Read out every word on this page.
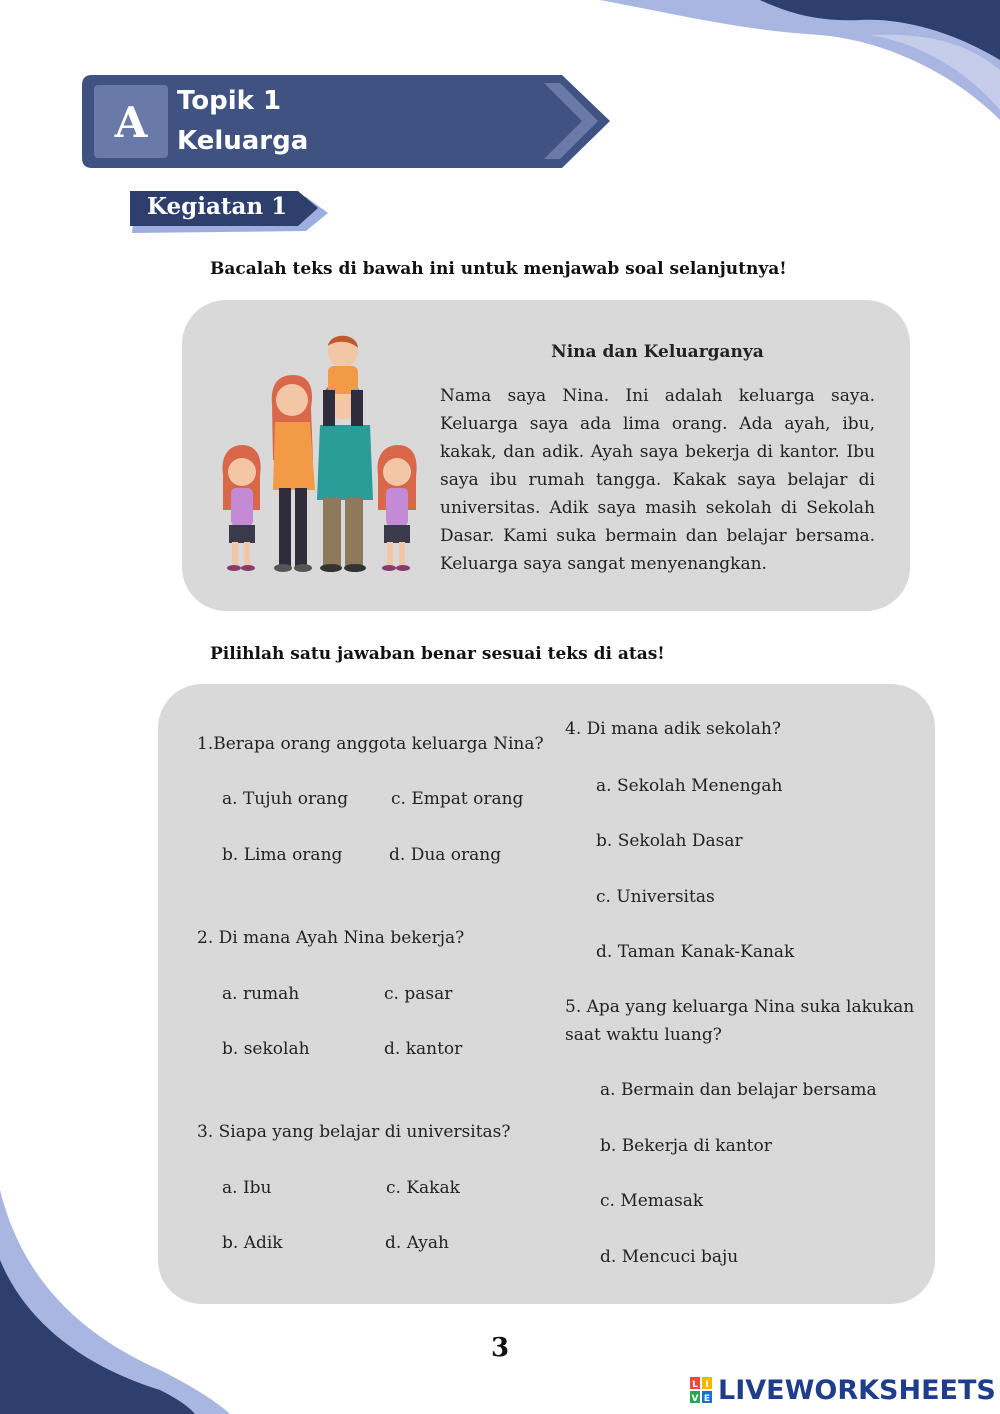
A	Topik 1
Keluarga
Kegiatan 1
Bacalah teks di bawah ini untuk menjawab soal selanjutnya!
Nina dan Keluarganya
Nama saya Nina. Ini adalah keluarga saya. Keluarga saya ada lima orang. Ada ayah, ibu, kakak, dan adik. Ayah saya bekerja di kantor. Ibu saya ibu rumah tangga. Kakak saya belajar di universitas. Adik saya masih sekolah di Sekolah Dasar. Kami suka bermain dan belajar bersama. Keluarga saya sangat menyenangkan.
Pilihlah satu jawaban benar sesuai teks di atas!
1.Berapa orang anggota keluarga Nina?
a. Tujuh orang	c. Empat orang
b. Lima orang	d. Dua orang
2. Di mana Ayah Nina bekerja?
a. rumah	c. pasar
b. sekolah	d. kantor
3. Siapa yang belajar di universitas?
a. Ibu	c. Kakak
b. Adik	d. Ayah
4. Di mana adik sekolah?
a. Sekolah Menengah
b. Sekolah Dasar
c. Universitas
d. Taman Kanak-Kanak
5. Apa yang keluarga Nina suka lakukan
saat waktu luang?
a. Bermain dan belajar bersama
b. Bekerja di kantor
c. Memasak
d. Mencuci baju
3
L I
V E LIVEWORKSHEETS
